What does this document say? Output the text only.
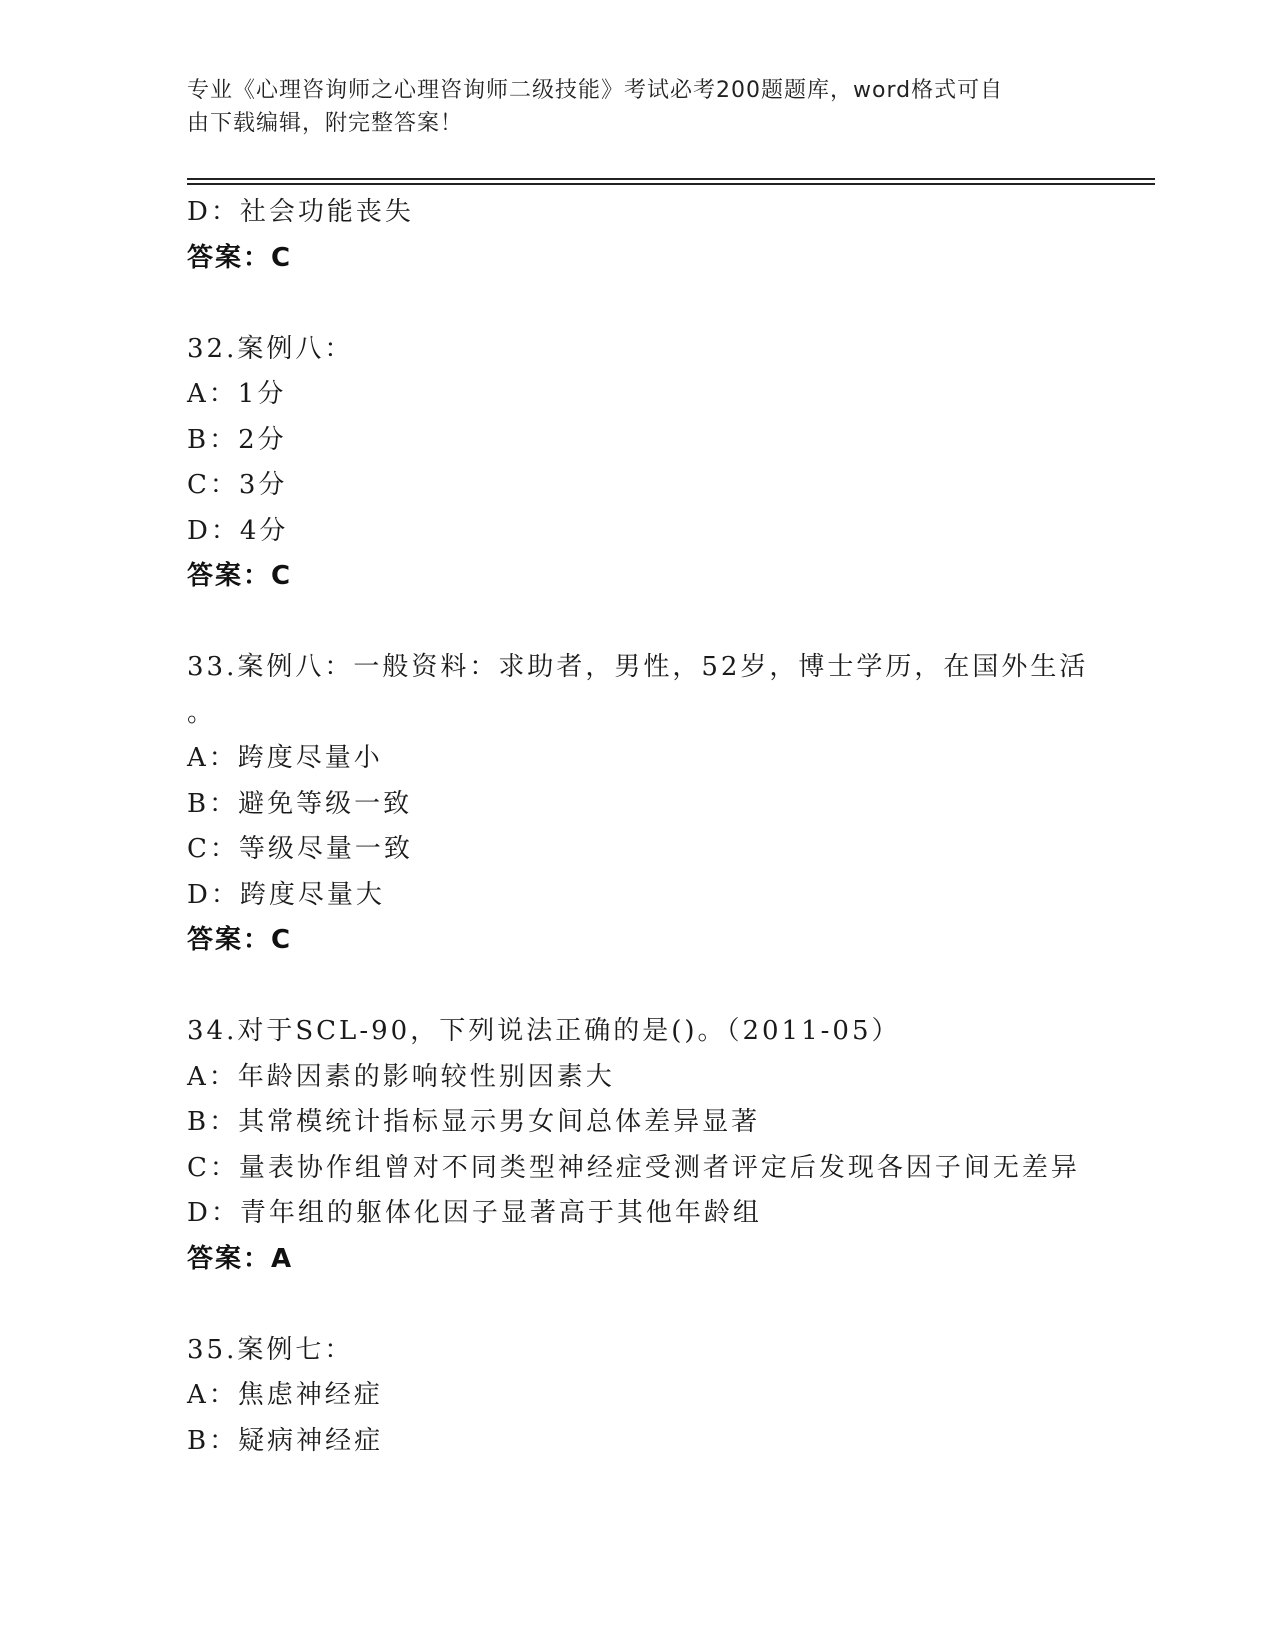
专业《心理咨询师之心理咨询师二级技能》考试必考200题题库，word格式可自
由下载编辑，附完整答案！
D：社会功能丧失
答案：C
32.案例八：
A：1分
B：2分
C：3分
D：4分
答案：C
33.案例八：一般资料：求助者，男性，52岁，博士学历，在国外生活
。
A：跨度尽量小
B：避免等级一致
C：等级尽量一致
D：跨度尽量大
答案：C
34.对于SCL-90，下列说法正确的是()。（2011-05）
A：年龄因素的影响较性别因素大
B：其常模统计指标显示男女间总体差异显著
C：量表协作组曾对不同类型神经症受测者评定后发现各因子间无差异
D：青年组的躯体化因子显著高于其他年龄组
答案：A
35.案例七：
A：焦虑神经症
B：疑病神经症
